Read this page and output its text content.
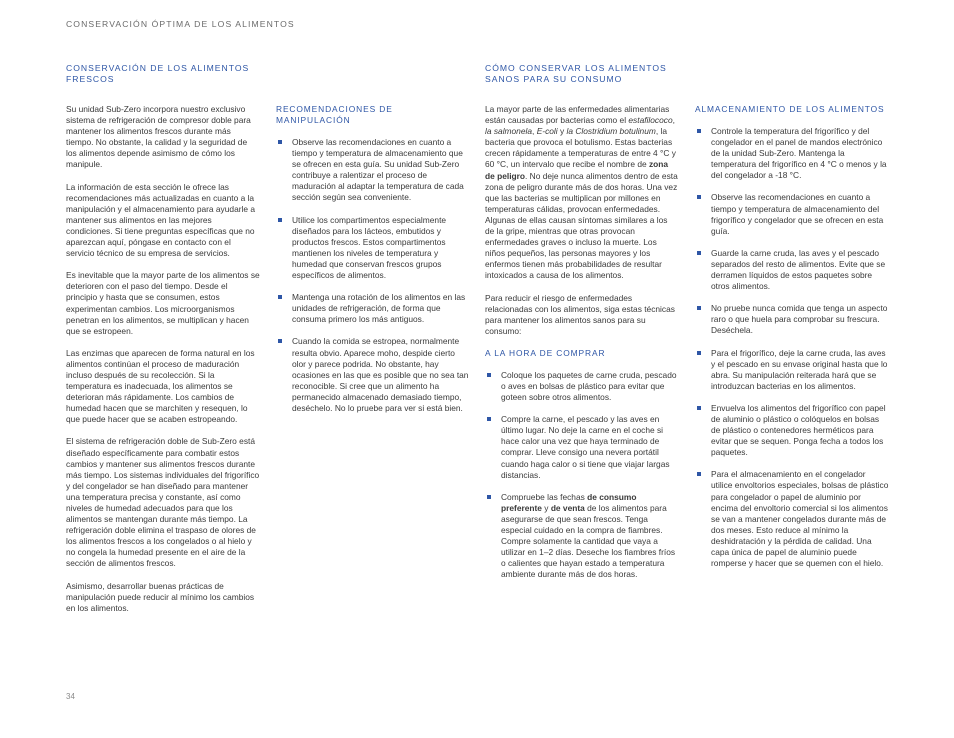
CONSERVACIÓN ÓPTIMA DE LOS ALIMENTOS
CONSERVACIÓN DE LOS ALIMENTOS FRESCOS
CÓMO CONSERVAR LOS ALIMENTOS SANOS PARA SU CONSUMO

Su unidad Sub-Zero incorpora nuestro exclusivo sistema de refrigeración de compresor doble para mantener los alimentos frescos durante más tiempo. No obstante, la calidad y la seguridad de los alimentos depende asimismo de cómo los manipule.

La información de esta sección le ofrece las recomendaciones más actualizadas en cuanto a la manipulación y el almacenamiento para ayudarle a mantener sus alimentos en las mejores condiciones. Si tiene preguntas específicas que no aparezcan aquí, póngase en contacto con el servicio técnico de su empresa de servicios.

Es inevitable que la mayor parte de los alimentos se deterioren con el paso del tiempo. Desde el principio y hasta que se consumen, estos experimentan cambios. Los microorganismos penetran en los alimentos, se multiplican y hacen que se estropeen.

Las enzimas que aparecen de forma natural en los alimentos continúan el proceso de maduración incluso después de su recolección. Si la temperatura es inadecuada, los alimentos se deterioran más rápidamente. Los cambios de humedad hacen que se marchiten y resequen, lo que puede hacer que se acaben estropeando.

El sistema de refrigeración doble de Sub-Zero está diseñado específicamente para combatir estos cambios y mantener sus alimentos frescos durante más tiempo. Los sistemas individuales del frigorífico y del congelador se han diseñado para mantener una temperatura precisa y constante, así como niveles de humedad adecuados para que los alimentos se mantengan durante más tiempo. La refrigeración doble elimina el traspaso de olores de los alimentos frescos a los congelados o al hielo y no congela la humedad presente en el aire de la sección de alimentos frescos.

Asimismo, desarrollar buenas prácticas de manipulación puede reducir al mínimo los cambios en los alimentos.

RECOMENDACIONES DE MANIPULACIÓN
Observe las recomendaciones en cuanto a tiempo y temperatura de almacenamiento que se ofrecen en esta guía. Su unidad Sub-Zero contribuye a ralentizar el proceso de maduración al adaptar la temperatura de cada sección según sea conveniente.
Utilice los compartimentos especialmente diseñados para los lácteos, embutidos y productos frescos. Estos compartimentos mantienen los niveles de temperatura y humedad que conservan frescos grupos específicos de alimentos.
Mantenga una rotación de los alimentos en las unidades de refrigeración, de forma que consuma primero los más antiguos.
Cuando la comida se estropea, normalmente resulta obvio. Aparece moho, despide cierto olor y parece podrida. No obstante, hay ocasiones en las que es posible que no sea tan reconocible. Si cree que un alimento ha permanecido almacenado demasiado tiempo, deséchelo. No lo pruebe para ver si está bien.

La mayor parte de las enfermedades alimentarias están causadas por bacterias como el estafilococo, la salmonela, E-coli y la Clostridium botulinum, la bacteria que provoca el botulismo. Estas bacterias crecen rápidamente a temperaturas de entre 4 °C y 60 °C, un intervalo que recibe el nombre de zona de peligro. No deje nunca alimentos dentro de esta zona de peligro durante más de dos horas. Una vez que las bacterias se multiplican por millones en temperaturas cálidas, provocan enfermedades. Algunas de ellas causan síntomas similares a los de la gripe, mientras que otras provocan enfermedades graves o incluso la muerte. Los niños pequeños, las personas mayores y los enfermos tienen más probabilidades de resultar intoxicados a causa de los alimentos.

Para reducir el riesgo de enfermedades relacionadas con los alimentos, siga estas técnicas para mantener los alimentos sanos para su consumo:

A LA HORA DE COMPRAR
Coloque los paquetes de carne cruda, pescado o aves en bolsas de plástico para evitar que goteen sobre otros alimentos.
Compre la carne, el pescado y las aves en último lugar. No deje la carne en el coche si hace calor una vez que haya terminado de comprar. Lleve consigo una nevera portátil cuando haga calor o si tiene que viajar largas distancias.
Compruebe las fechas de consumo preferente y de venta de los alimentos para asegurarse de que sean frescos. Tenga especial cuidado en la compra de fiambres. Compre solamente la cantidad que vaya a utilizar en 1–2 días. Deseche los fiambres fríos o calientes que hayan estado a temperatura ambiente durante más de dos horas.
ALMACENAMIENTO DE LOS ALIMENTOS
Controle la temperatura del frigorífico y del congelador en el panel de mandos electrónico de la unidad Sub-Zero. Mantenga la temperatura del frigorífico en 4 °C o menos y la del congelador a -18 °C.
Observe las recomendaciones en cuanto a tiempo y temperatura de almacenamiento del frigorífico y congelador que se ofrecen en esta guía.
Guarde la carne cruda, las aves y el pescado separados del resto de alimentos. Evite que se derramen líquidos de estos paquetes sobre otros alimentos.
No pruebe nunca comida que tenga un aspecto raro o que huela para comprobar su frescura. Deséchela.
Para el frigorífico, deje la carne cruda, las aves y el pescado en su envase original hasta que lo abra. Su manipulación reiterada hará que se introduzcan bacterias en los alimentos.
Envuelva los alimentos del frigorífico con papel de aluminio o plástico o colóquelos en bolsas de plástico o contenedores herméticos para evitar que se sequen. Ponga fecha a todos los paquetes.
Para el almacenamiento en el congelador utilice envoltorios especiales, bolsas de plástico para congelador o papel de aluminio por encima del envoltorio comercial si los alimentos se van a mantener congelados durante más de dos meses. Esto reduce al mínimo la deshidratación y la pérdida de calidad. Una capa única de papel de aluminio puede romperse y hacer que se quemen con el hielo.
34
